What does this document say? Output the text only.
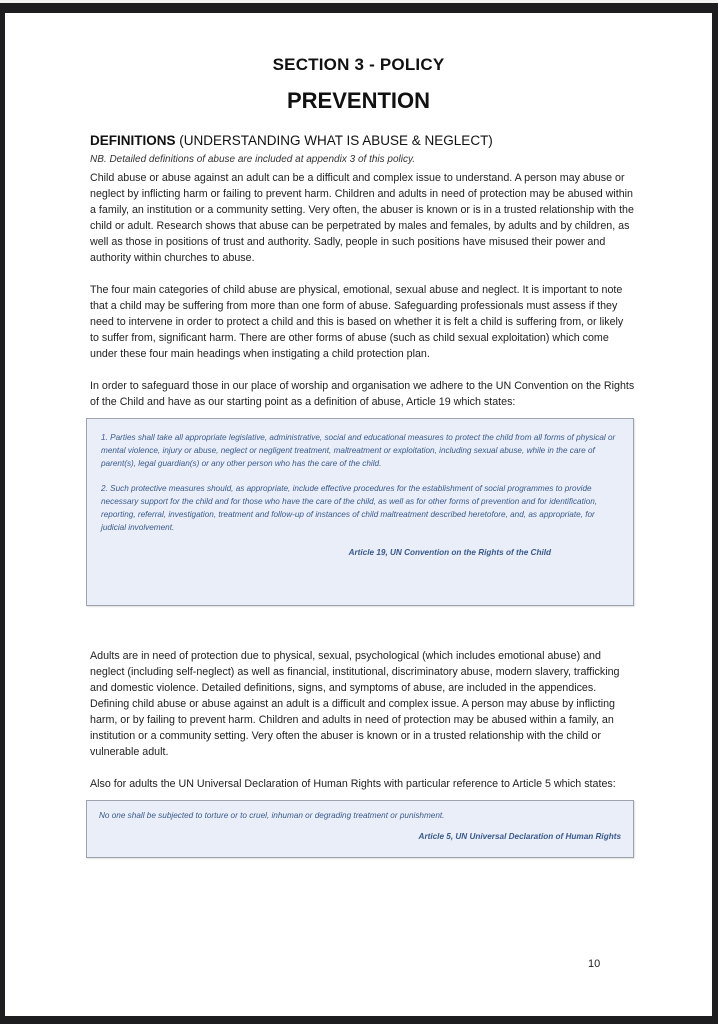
SECTION 3 - POLICY
PREVENTION
DEFINITIONS (UNDERSTANDING WHAT IS ABUSE & NEGLECT)
NB. Detailed definitions of abuse are included at appendix 3 of this policy.

Child abuse or abuse against an adult can be a difficult and complex issue to understand. A person may abuse or neglect by inflicting harm or failing to prevent harm. Children and adults in need of protection may be abused within a family, an institution or a community setting. Very often, the abuser is known or is in a trusted relationship with the child or adult. Research shows that abuse can be perpetrated by males and females, by adults and by children, as well as those in positions of trust and authority. Sadly, people in such positions have misused their power and authority within churches to abuse.

The four main categories of child abuse are physical, emotional, sexual abuse and neglect. It is important to note that a child may be suffering from more than one form of abuse. Safeguarding professionals must assess if they need to intervene in order to protect a child and this is based on whether it is felt a child is suffering from, or likely to suffer from, significant harm. There are other forms of abuse (such as child sexual exploitation) which come under these four main headings when instigating a child protection plan.

In order to safeguard those in our place of worship and organisation we adhere to the UN Convention on the Rights of the Child and have as our starting point as a definition of abuse, Article 19 which states:

1. Parties shall take all appropriate legislative, administrative, social and educational measures to protect the child from all forms of physical or mental violence, injury or abuse, neglect or negligent treatment, maltreatment or exploitation, including sexual abuse, while in the care of parent(s), legal guardian(s) or any other person who has the care of the child.
2. Such protective measures should, as appropriate, include effective procedures for the establishment of social programmes to provide necessary support for the child and for those who have the care of the child, as well as for other forms of prevention and for identification, reporting, referral, investigation, treatment and follow-up of instances of child maltreatment described heretofore, and, as appropriate, for judicial involvement.
Article 19, UN Convention on the Rights of the Child

Adults are in need of protection due to physical, sexual, psychological (which includes emotional abuse) and neglect (including self-neglect) as well as financial, institutional, discriminatory abuse, modern slavery, trafficking and domestic violence. Detailed definitions, signs, and symptoms of abuse, are included in the appendices. Defining child abuse or abuse against an adult is a difficult and complex issue. A person may abuse by inflicting harm, or by failing to prevent harm. Children and adults in need of protection may be abused within a family, an institution or a community setting. Very often the abuser is known or in a trusted relationship with the child or vulnerable adult.

Also for adults the UN Universal Declaration of Human Rights with particular reference to Article 5 which states:

No one shall be subjected to torture or to cruel, inhuman or degrading treatment or punishment.
Article 5, UN Universal Declaration of Human Rights
10
